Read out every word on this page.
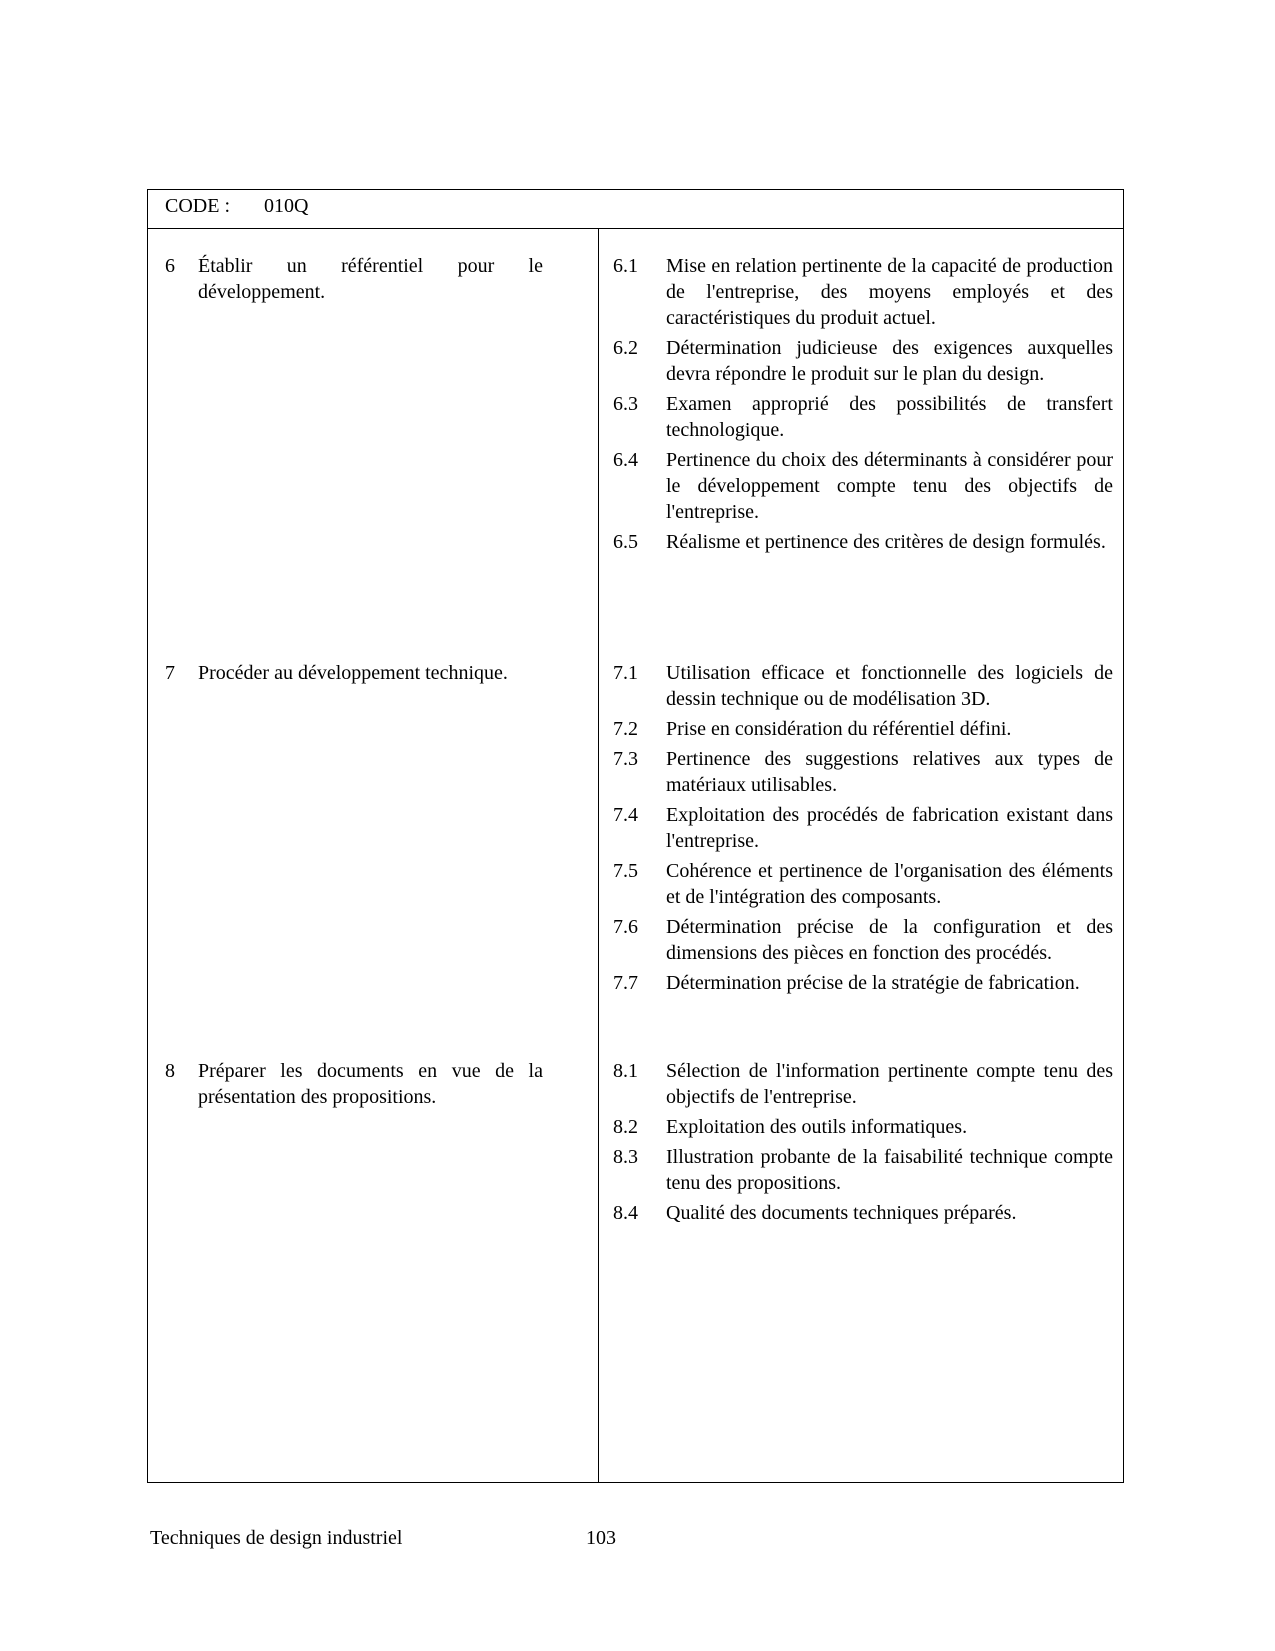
CODE : 010Q
6 Établir un référentiel pour le développement.
6.1 Mise en relation pertinente de la capacité de production de l'entreprise, des moyens employés et des caractéristiques du produit actuel.
6.2 Détermination judicieuse des exigences auxquelles devra répondre le produit sur le plan du design.
6.3 Examen approprié des possibilités de transfert technologique.
6.4 Pertinence du choix des déterminants à considérer pour le développement compte tenu des objectifs de l'entreprise.
6.5 Réalisme et pertinence des critères de design formulés.
7 Procéder au développement technique.	7.1 Utilisation efficace et fonctionnelle des logiciels de dessin technique ou de modélisation 3D.
7.2 Prise en considération du référentiel défini.
7.3 Pertinence des suggestions relatives aux types de matériaux utilisables.
7.4 Exploitation des procédés de fabrication existant dans l'entreprise.
7.5 Cohérence et pertinence de l'organisation des éléments et de l'intégration des composants.
7.6 Détermination précise de la configuration et des dimensions des pièces en fonction des procédés.
7.7 Détermination précise de la stratégie de fabrication.
8 Préparer les documents en vue de la présentation des propositions.
8.1 Sélection de l'information pertinente compte tenu des objectifs de l'entreprise.
8.2 Exploitation des outils informatiques.
8.3 Illustration probante de la faisabilité technique compte tenu des propositions.
8.4 Qualité des documents techniques préparés.
Techniques de design industriel	103
